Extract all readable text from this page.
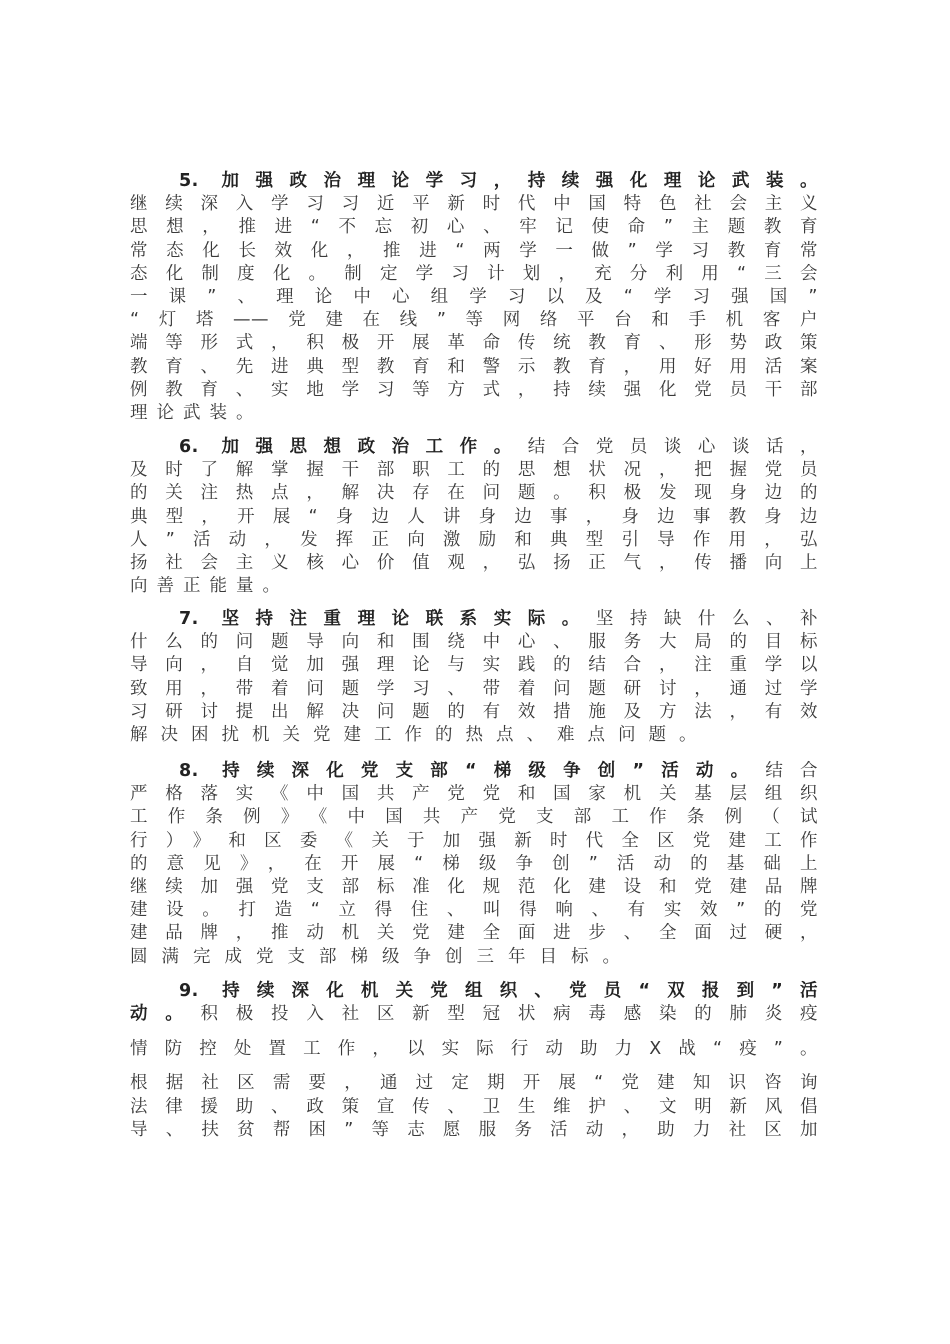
5. 加强政治理论学习，持续强化理论武装。
继续深入学习习近平新时代中国特色社会主义
思想，推进“不忘初心、牢记使命”主题教育
常态化长效化，推进“两学一做”学习教育常
态化制度化。制定学习计划，充分利用“三会
一课”、理论中心组学习以及“学习强国”
“灯塔——党建在线”等网络平台和手机客户
端等形式，积极开展革命传统教育、形势政策
教育、先进典型教育和警示教育，用好用活案
例教育、实地学习等方式，持续强化党员干部
理论武装。
6. 加强思想政治工作。结合党员谈心谈话，
及时了解掌握干部职工的思想状况，把握党员
的关注热点，解决存在问题。积极发现身边的
典型，开展“身边人讲身边事，身边事教身边
人”活动，发挥正向激励和典型引导作用，弘
扬社会主义核心价值观，弘扬正气，传播向上
向善正能量。
7. 坚持注重理论联系实际。坚持缺什么、补
什么的问题导向和围绕中心、服务大局的目标
导向，自觉加强理论与实践的结合，注重学以
致用，带着问题学习、带着问题研讨，通过学
习研讨提出解决问题的有效措施及方法，有效
解决困扰机关党建工作的热点、难点问题。
8. 持续深化党支部“梯级争创”活动。结合
严格落实《中国共产党党和国家机关基层组织
工作条例》《中国共产党支部工作条例（试
行）》和区委《关于加强新时代全区党建工作
的意见》，在开展“梯级争创”活动的基础上
继续加强党支部标准化规范化建设和党建品牌
建设。打造“立得住、叫得响、有实效”的党
建品牌，推动机关党建全面进步、全面过硬，
圆满完成党支部梯级争创三年目标。
9. 持续深化机关党组织、党员“双报到”活
动。积极投入社区新型冠状病毒感染的肺炎疫
情防控处置工作，以实际行动助力X战“疫”。
根据社区需要，通过定期开展“党建知识咨询
法律援助、政策宣传、卫生维护、文明新风倡
导、扶贫帮困”等志愿服务活动，助力社区加
